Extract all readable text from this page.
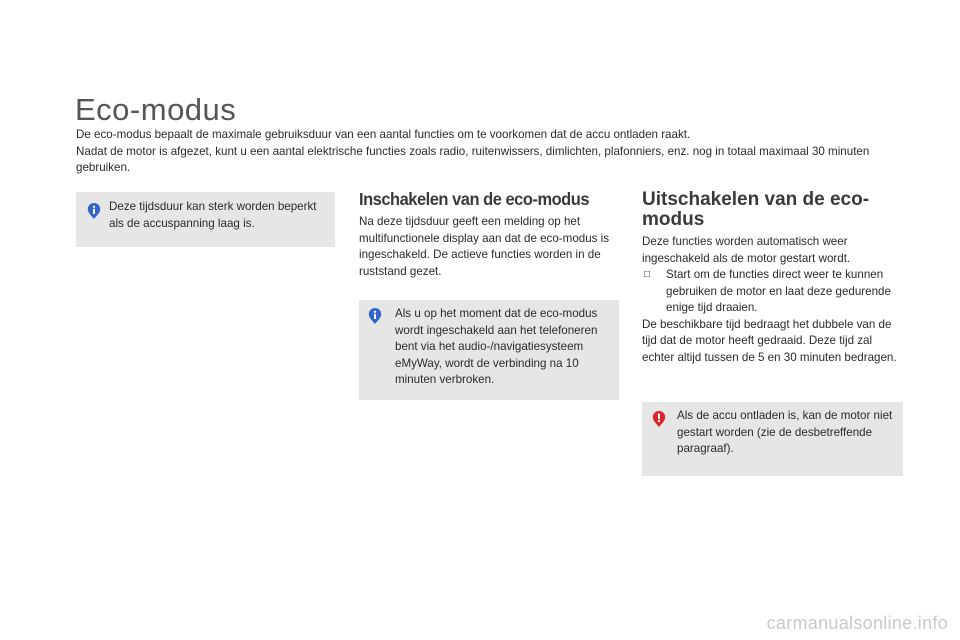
Eco-modus

De eco-modus bepaalt de maximale gebruiksduur van een aantal functies om te voorkomen dat de accu ontladen raakt.

Nadat de motor is afgezet, kunt u een aantal elektrische functies zoals radio, ruitenwissers, dimlichten, plafonniers, enz. nog in totaal maximaal 30 minuten gebruiken.

Deze tijdsduur kan sterk worden beperkt als de accuspanning laag is.
Inschakelen van de eco-modus

Na deze tijdsduur geeft een melding op het multifunctionele display aan dat de eco-modus is ingeschakeld. De actieve functies worden in de ruststand gezet.

Als u op het moment dat de eco-modus wordt ingeschakeld aan het telefoneren bent via het audio-/navigatiesysteem eMyWay, wordt de verbinding na 10 minuten verbroken.
Uitschakelen van de eco-modus

Deze functies worden automatisch weer ingeschakeld als de motor gestart wordt.

□ Start om de functies direct weer te kunnen gebruiken de motor en laat deze gedurende enige tijd draaien.

De beschikbare tijd bedraagt het dubbele van de tijd dat de motor heeft gedraaid. Deze tijd zal echter altijd tussen de 5 en 30 minuten bedragen.

Als de accu ontladen is, kan de motor niet gestart worden (zie de desbetreffende paragraaf).
carmanualsonline.info
